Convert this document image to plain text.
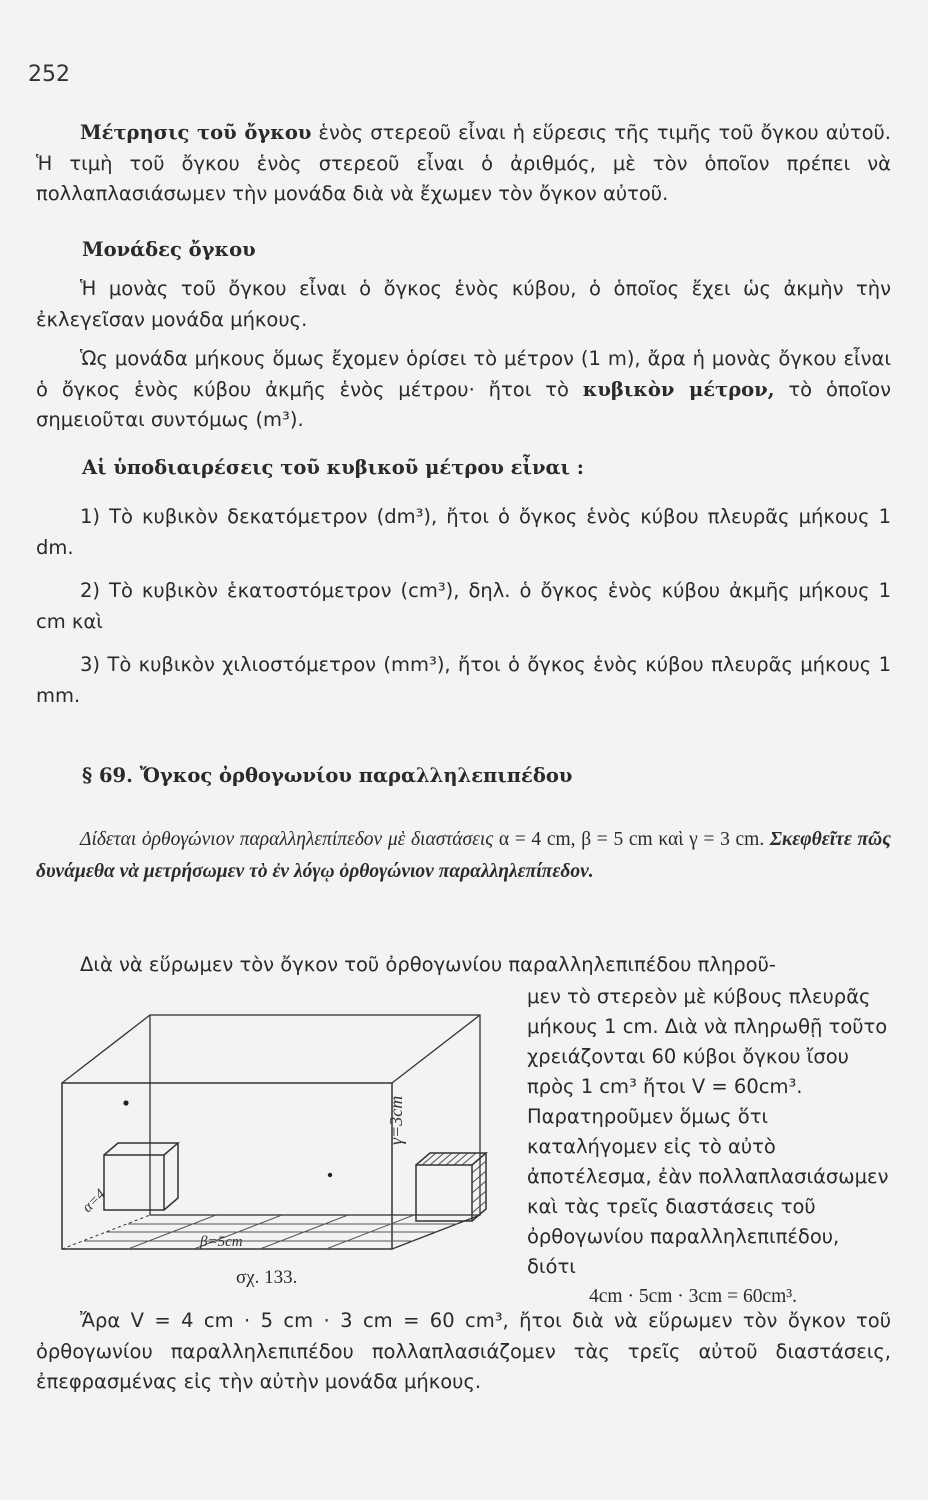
252

Μέτρησις τοῦ ὄγκου ἑνὸς στερεοῦ εἶναι ἡ εὕρεσις τῆς τιμῆς τοῦ ὄγκου αὐτοῦ. Ἡ τιμὴ τοῦ ὄγκου ἑνὸς στερεοῦ εἶναι ὁ ἀριθμός, μὲ τὸν ὁποῖον πρέπει νὰ πολλαπλασιάσωμεν τὴν μονάδα διὰ νὰ ἔχωμεν τὸν ὄγκον αὐτοῦ.

Μονάδες ὄγκου

Ἡ μονὰς τοῦ ὄγκου εἶναι ὁ ὄγκος ἑνὸς κύβου, ὁ ὁποῖος ἔχει ὡς ἀκμὴν τὴν ἐκλεγεῖσαν μονάδα μήκους.

Ὡς μονάδα μήκους ὅμως ἔχομεν ὁρίσει τὸ μέτρον (1 m), ἄρα ἡ μονὰς ὄγκου εἶναι ὁ ὄγκος ἑνὸς κύβου ἀκμῆς ἑνὸς μέτρου· ἤτοι τὸ κυβικὸν μέτρον, τὸ ὁποῖον σημειοῦται συντόμως (m³).

Αἱ ὑποδιαιρέσεις τοῦ κυβικοῦ μέτρου εἶναι :

1) Τὸ κυβικὸν δεκατόμετρον (dm³), ἤτοι ὁ ὄγκος ἑνὸς κύβου πλευρᾶς μήκους 1 dm.

2) Τὸ κυβικὸν ἑκατοστόμετρον (cm³), δηλ. ὁ ὄγκος ἑνὸς κύβου ἀκμῆς μήκους 1 cm καὶ

3) Τὸ κυβικὸν χιλιοστόμετρον (mm³), ἤτοι ὁ ὄγκος ἑνὸς κύβου πλευρᾶς μήκους 1 mm.

§ 69. Ὄγκος ὀρθογωνίου παραλληλεπιπέδου

Δίδεται ὀρθογώνιον παραλληλεπίπεδον μὲ διαστάσεις α = 4 cm, β = 5 cm καὶ γ = 3 cm. Σκεφθεῖτε πῶς δυνάμεθα νὰ μετρήσωμεν τὸ ἐν λόγῳ ὀρθογώνιον παραλληλεπίπεδον.

Διὰ νὰ εὕρωμεν τὸν ὄγκον τοῦ ὀρθογωνίου παραλληλεπιπέδου πληροῦ-

μεν τὸ στερεὸν μὲ κύβους πλευρᾶς μήκους 1 cm. Διὰ νὰ πληρωθῇ τοῦτο χρειάζονται 60 κύβοι ὄγκου ἴσου πρὸς 1 cm³ ἤτοι V = 60cm³. Παρατηροῦμεν ὅμως ὅτι καταλήγομεν εἰς τὸ αὐτὸ ἀποτέλεσμα, ἐὰν πολλαπλασιάσωμεν καὶ τὰς τρεῖς διαστάσεις τοῦ ὀρθογωνίου παραλληλεπιπέδου, διότι

4cm · 5cm · 3cm = 60cm³.

γ=3cm
α=4
β=5cm
σχ. 133.

Ἄρα V = 4 cm · 5 cm · 3 cm = 60 cm³, ἤτοι διὰ νὰ εὕρωμεν τὸν ὄγκον τοῦ ὀρθογωνίου παραλληλεπιπέδου πολλαπλασιάζομεν τὰς τρεῖς αὐτοῦ διαστάσεις, ἐπεφρασμένας εἰς τὴν αὐτὴν μονάδα μήκους.
